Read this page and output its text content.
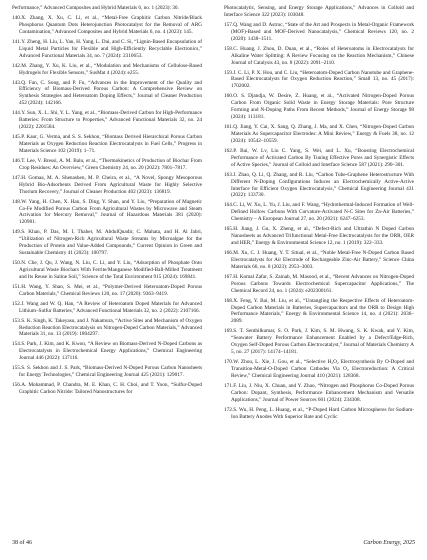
Performance,” Advanced Composites and Hybrid Materials 6, no. 1 (2023): 30.

140.X. Zhang, X. Xu, C. Li, et al., “Metal-Free Graphitic Carbon Nitride/Black Phosphorus Quantum Dots Heterojunction Photocatalyst for the Removal of ARG Contamination,” Advanced Composites and Hybrid Materials 6, no. 4 (2023): 145.

141.Y. Zheng, H. Liu, L. Yan, H. Yang, L. Dai, and C. Si, “Lignin-Based Encapsulation of Liquid Metal Particles for Flexible and High-Efficiently Recyclable Electronics,” Advanced Functional Materials 34, no. 7 (2024): 2310653.

142.M. Zhang, Y. Xu, K. Liu, et al., “Modulation and Mechanisms of Cellulose-Based Hydrogels for Flexible Sensors,” SusMat 4 (2024): e255.

143.Q. Fan, C. Song, and P. Fu, “Advances in the Improvement of the Quality and Efficiency of Biomass-Derived Porous Carbon: A Comprehensive Review on Synthesis Strategies and Heteroatom Doping Effects,” Journal of Cleaner Production 452 (2024): 142166.

144.Y. Sun, X. L. Shi, Y. L. Yang, et al., “Biomass-Derived Carbon for High-Performance Batteries: From Structure to Properties,” Advanced Functional Materials 32, no. 24 (2022): 2201584.

145.P. Kaur, G. Verma, and S. S. Sekhon, “Biomass Derived Hierarchical Porous Carbon Materials as Oxygen Reduction Reaction Electrocatalysts in Fuel Cells,” Progress in Materials Science 102 (2019): 1–71.

146.T. Lee, V. Bressi, A. M. Balu, et al., “Thermokinetics of Production of Biochar From Crop Residues: An Overview,” Green Chemistry 24, no. 20 (2022): 7801–7817.

147.H. Gomaa, M. A. Shenashen, M. P. Cheira, et al., “A Novel, Spongy Mesoporous Hybrid Bio-Adsorbents Derived From Agricultural Waste for Highly Selective Thorium Recovery,” Journal of Cleaner Production 402 (2023): 136819.

148.W. Yang, H. Chen, X. Han, S. Ding, Y. Shan, and Y. Liu, “Preparation of Magnetic Co-Fe Modified Porous Carbon From Agricultural Wastes by Microwave and Steam Activation for Mercury Removal,” Journal of Hazardous Materials 381 (2020): 120981.

149.S. Khan, P. Das, M. I. Thaher, M. AbdulQuadir, C. Mahata, and H. Al Jabri, “Utilization of Nitrogen-Rich Agricultural Waste Streams by Microalgae for the Production of Protein and Value-Added Compounds,” Current Opinion in Green and Sustainable Chemistry 41 (2023): 100797.

150.N. Che, J. Qu, J. Wang, N. Liu, C. Li, and Y. Liu, “Adsorption of Phosphate Onto Agricultural Waste Biochars With Ferrite/Manganese Modified-Ball-Milled Treatment and Its Reuse in Saline Soil,” Science of the Total Environment 915 (2024): 169841.

151.H. Wang, Y. Shao, S. Mei, et al., “Polymer-Derived Heteroatom-Doped Porous Carbon Materials,” Chemical Reviews 120, no. 17 (2020): 9363–9419.

152.J. Wang and W. Q. Han, “A Review of Heteroatom Doped Materials for Advanced Lithium–Sulfur Batteries,” Advanced Functional Materials 32, no. 2 (2022): 2107166.

153.S. K. Singh, K. Takeyasu, and J. Nakamura, “Active Sites and Mechanism of Oxygen Reduction Reaction Electrocatalysis on Nitrogen-Doped Carbon Materials,” Advanced Materials 31, no. 13 (2019): 1804297.

154.S. Park, J. Kim, and K. Kwon, “A Review on Biomass-Derived N-Doped Carbons as Electrocatalysts in Electrochemical Energy Applications,” Chemical Engineering Journal 446 (2022): 137116.

155.S. S. Sekhon and J. S. Park, “Biomass-Derived N-Doped Porous Carbon Nanosheets for Energy Technologies,” Chemical Engineering Journal 425 (2021): 129017.

156.A. Mohammad, P. Chandra, M. E. Khan, C. H. Choi, and T. Yoon, “Sulfur-Doped Graphitic Carbon Nitride: Tailored Nanostructures for

Photocatalytic, Sensing, and Energy Storage Applications,” Advances in Colloid and Interface Science 322 (2023): 103048.

157.Q. Wang and D. Astruc, “State of the Art and Prospects in Metal-Organic Framework (MOF)-Based and MOF-Derived Nanocatalysis,” Chemical Reviews 120, no. 2 (2020): 1438–1511.

158.C. Huang, J. Zhou, D. Duan, et al., “Roles of Heteroatoms in Electrocatalysts for Alkaline Water Splitting: A Review Focusing on the Reaction Mechanism,” Chinese Journal of Catalysis 43, no. 8 (2022): 2091–2110.

159.J. C. Li, P. X. Hou, and C. Liu, “Heteroatom-Doped Carbon Nanotube and Graphene-Based Electrocatalysts for Oxygen Reduction Reaction,” Small 13, no. 45 (2017): 1702002.

160.O. S. Djandja, W. Desire, Z. Huang, et al., “Activated Nitrogen-Doped Porous Carbon From Organic Solid Waste in Energy Storage Materials: Pore Structure Forming and N-Doping Paths From Recent Methods,” Journal of Energy Storage 98 (2024): 113181.

161.Q. Jiang, Y. Cai, X. Sang, Q. Zhang, J. Ma, and X. Chen, “Nitrogen-Doped Carbon Materials As Supercapacitor Electrodes: A Mini Review,” Energy & Fuels 38, no. 12 (2024): 10542–10559.

162.P. Bai, W. Lv, Liu C. Yang, S. Wei, and L. Xu, “Boosting Electrochemical Performance of Activated Carbon By Tuning Effective Pores and Synergistic Effects of Active Species,” Journal of Colloid and Interface Science 587 (2021): 290–301.

163.J. Zhao, Q. Li, Q. Zhang, and R. Liu, “Carbon Tube-Graphene Heterostructure With Different N-Doping Configurations Induces an Electrochemically Active-Active Interface for Efficient Oxygen Electrocatalysis,” Chemical Engineering Journal 431 (2022): 133730.

164.C. Li, W. Xu, L. Yu, J. Liu, and F. Wang, “Hydrothermal-Induced Formation of Well-Defined Hollow Carbons With Curvature-Activated N-C Sites for Zn-Air Batteries,” Chemistry – A European Journal 27, no. 20 (2021): 6247–6253.

165.H. Jiang, J. Gu, X. Zheng, et al., “Defect-Rich and Ultrathin N Doped Carbon Nanosheets as Advanced Trifunctional Metal-Free Electrocatalysts for the ORR, OER and HER,” Energy & Environmental Science 12, no. 1 (2019): 322–333.

166.M. Xu, C. J. Huang, Y. T. Situal, et al., “Noble Metal-Free N-Doped Carbon Based Electrocatalysts for Air Electrode of Rechargeable Zinc-Air Battery,” Science China Materials 66, no. 8 (2023): 2953–3003.

167.H. Komal Zafar, S. Zainab, M. Masood, et al., “Recent Advances on Nitrogen-Doped Porous Carbons Towards Electrochemical Supercapacitor Applications,” The Chemical Record 24, no. 1 (2024): e202300161.

168.X. Feng, Y. Bai, M. Liu, et al., “Untangling the Respective Effects of Heteroatom-Doped Carbon Materials in Batteries, Supercapacitors and the ORR to Design High Performance Materials,” Energy & Environmental Science 14, no. 4 (2021): 2036–2089.

169.S. T. Senthilkumar, S. O. Park, J. Kim, S. M. Hwang, S. K. Kwak, and Y. Kim, “Seawater Battery Performance Enhancement Enabled by a Defect/Edge-Rich, Oxygen Self-Doped Porous Carbon Electrocatalyst,” Journal of Materials Chemistry A 5, no. 27 (2017): 14174–14181.

170.W. Zhou, L. Xie, J. Gou, et al., “Selective H₂O₂ Electrosynthesis By O-Doped and Transition-Metal-O-Doped Carbon Cathodes Via O₂ Electroreduction: A Critical Review,” Chemical Engineering Journal 410 (2021): 128368.

171.F. Liu, J. Niu, X. Chuan, and Y. Zhao, “Nitrogen and Phosphorus Co-Doped Porous Carbon: Dopant, Synthesis, Performance Enhancement Mechanism and Versatile Applications,” Journal of Power Sources 601 (2024): 234308.

172.S. Wu, H. Peng, L. Huang, et al., “P-Doped Hard Carbon Microspheres for Sodium-Ion Battery Anodes With Superior Rate and Cyclic

38 of 46	Carbon Energy, 2025
